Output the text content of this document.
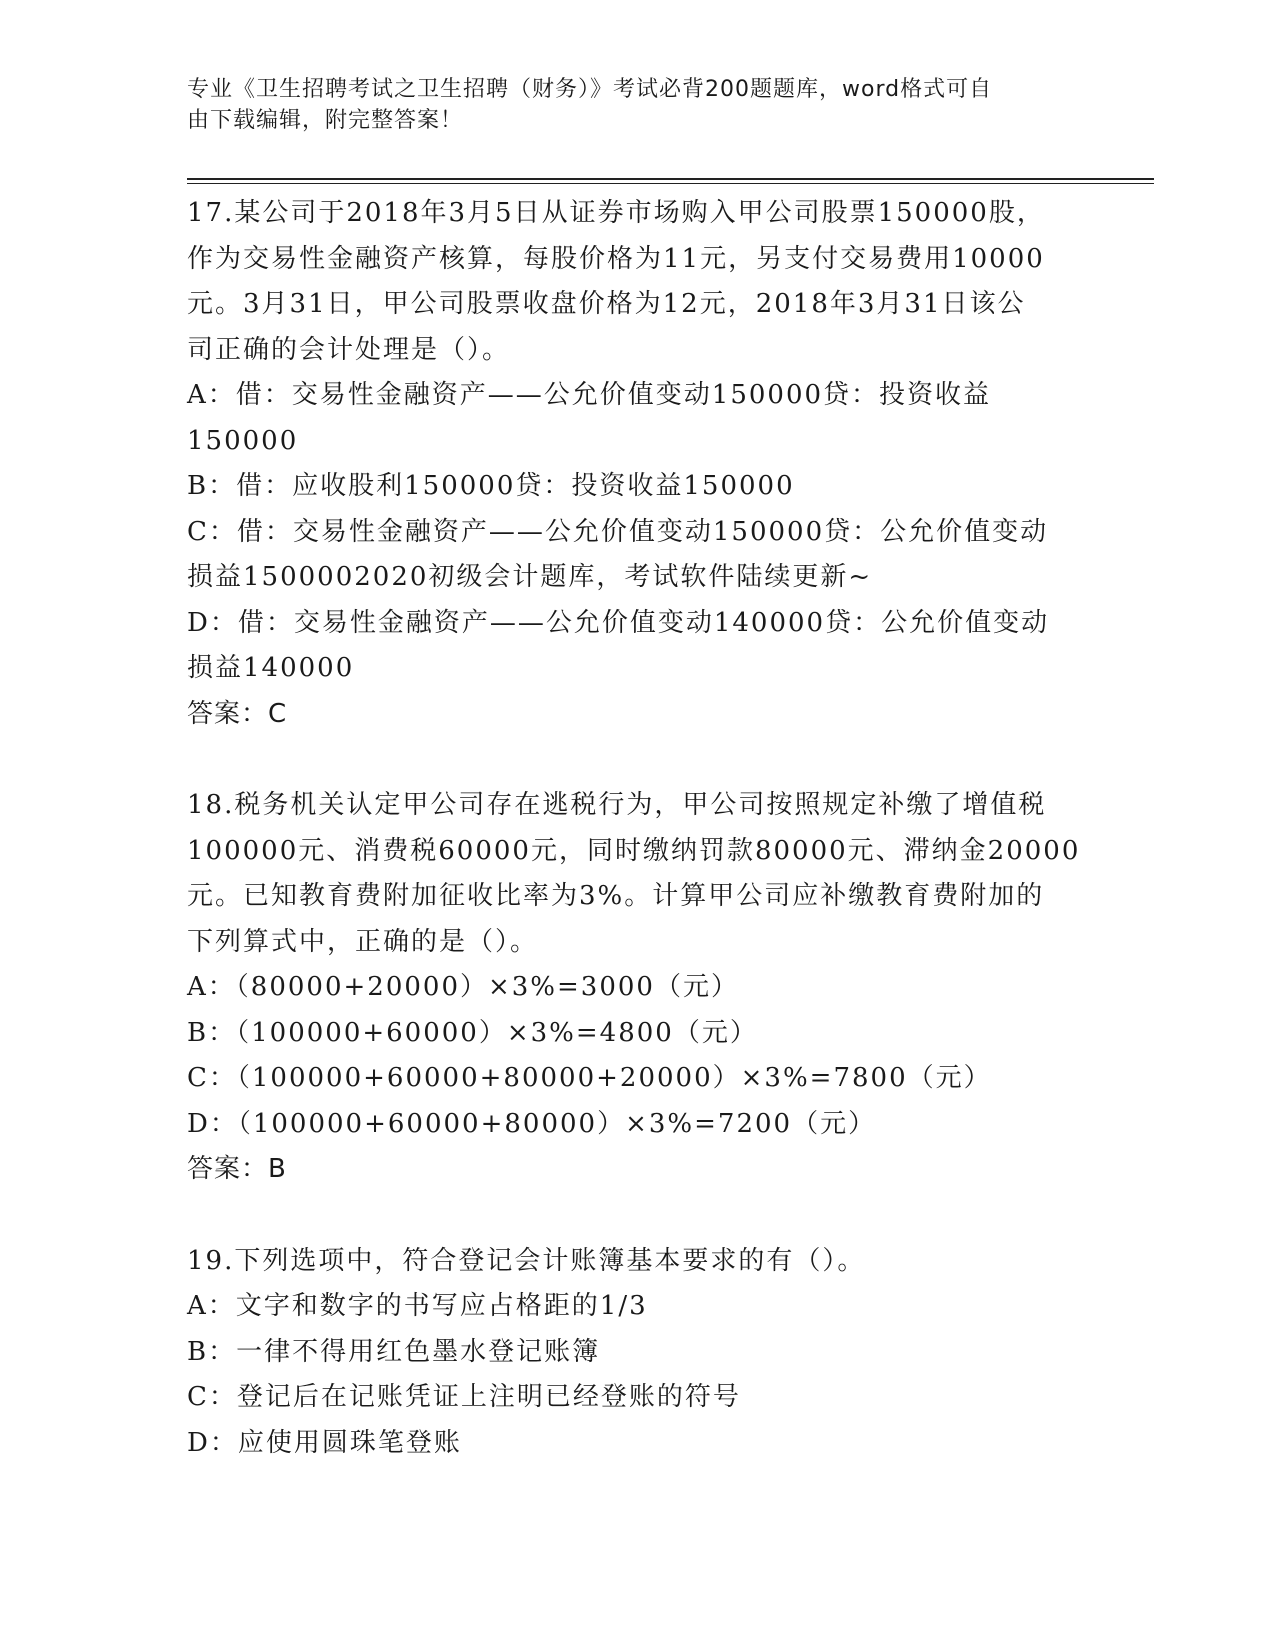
专业《卫生招聘考试之卫生招聘（财务）》考试必背200题题库，word格式可自
由下载编辑，附完整答案！
17.某公司于2018年3月5日从证券市场购入甲公司股票150000股，
作为交易性金融资产核算，每股价格为11元，另支付交易费用10000
元。3月31日，甲公司股票收盘价格为12元，2018年3月31日该公
司正确的会计处理是（）。
A：借：交易性金融资产——公允价值变动150000贷：投资收益
150000
B：借：应收股利150000贷：投资收益150000
C：借：交易性金融资产——公允价值变动150000贷：公允价值变动
损益1500002020初级会计题库，考试软件陆续更新~
D：借：交易性金融资产——公允价值变动140000贷：公允价值变动
损益140000
答案：C
18.税务机关认定甲公司存在逃税行为，甲公司按照规定补缴了增值税
100000元、消费税60000元，同时缴纳罚款80000元、滞纳金20000
元。已知教育费附加征收比率为3%。计算甲公司应补缴教育费附加的
下列算式中，正确的是（）。
A：（80000+20000）×3%=3000（元）
B：（100000+60000）×3%=4800（元）
C：（100000+60000+80000+20000）×3%=7800（元）
D：（100000+60000+80000）×3%=7200（元）
答案：B
19.下列选项中，符合登记会计账簿基本要求的有（）。
A：文字和数字的书写应占格距的1/3
B：一律不得用红色墨水登记账簿
C：登记后在记账凭证上注明已经登账的符号
D：应使用圆珠笔登账
